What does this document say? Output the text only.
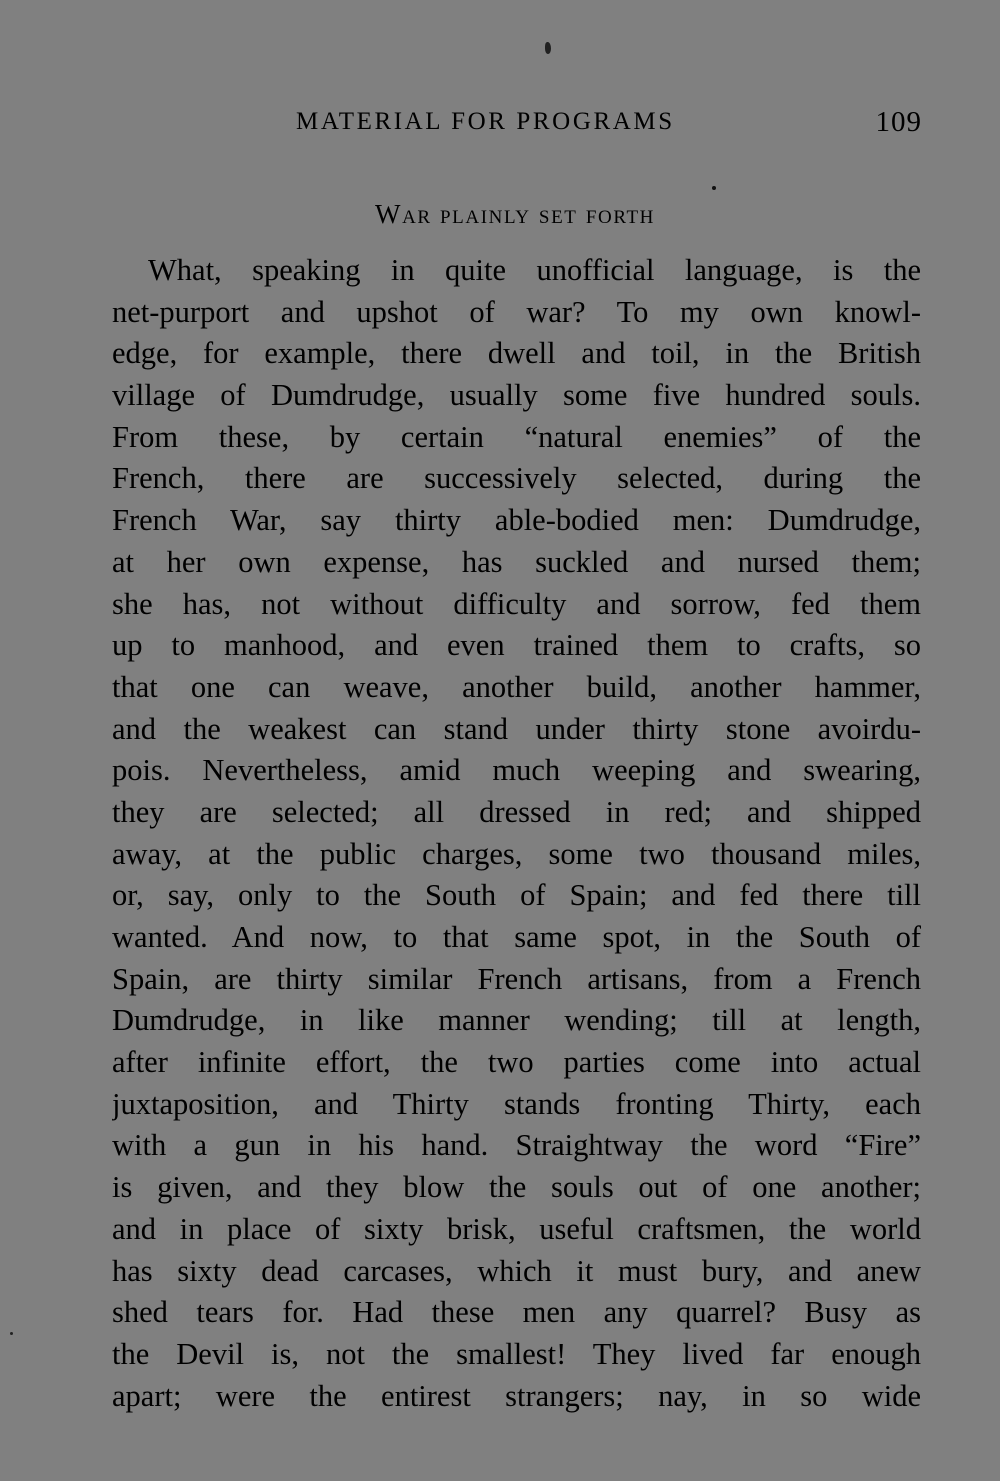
MATERIAL FOR PROGRAMS	109
War plainly set forth
What, speaking in quite unofficial language, is the
net-purport and upshot of war? To my own knowl-
edge, for example, there dwell and toil, in the British
village of Dumdrudge, usually some five hundred souls.
From these, by certain “natural enemies” of the
French, there are successively selected, during the
French War, say thirty able-bodied men: Dumdrudge,
at her own expense, has suckled and nursed them;
she has, not without difficulty and sorrow, fed them
up to manhood, and even trained them to crafts, so
that one can weave, another build, another hammer,
and the weakest can stand under thirty stone avoirdu-
pois. Nevertheless, amid much weeping and swearing,
they are selected; all dressed in red; and shipped
away, at the public charges, some two thousand miles,
or, say, only to the South of Spain; and fed there till
wanted. And now, to that same spot, in the South of
Spain, are thirty similar French artisans, from a French
Dumdrudge, in like manner wending; till at length,
after infinite effort, the two parties come into actual
juxtaposition, and Thirty stands fronting Thirty, each
with a gun in his hand. Straightway the word “Fire”
is given, and they blow the souls out of one another;
and in place of sixty brisk, useful craftsmen, the world
has sixty dead carcases, which it must bury, and anew
shed tears for. Had these men any quarrel? Busy as
the Devil is, not the smallest! They lived far enough
apart; were the entirest strangers; nay, in so wide
